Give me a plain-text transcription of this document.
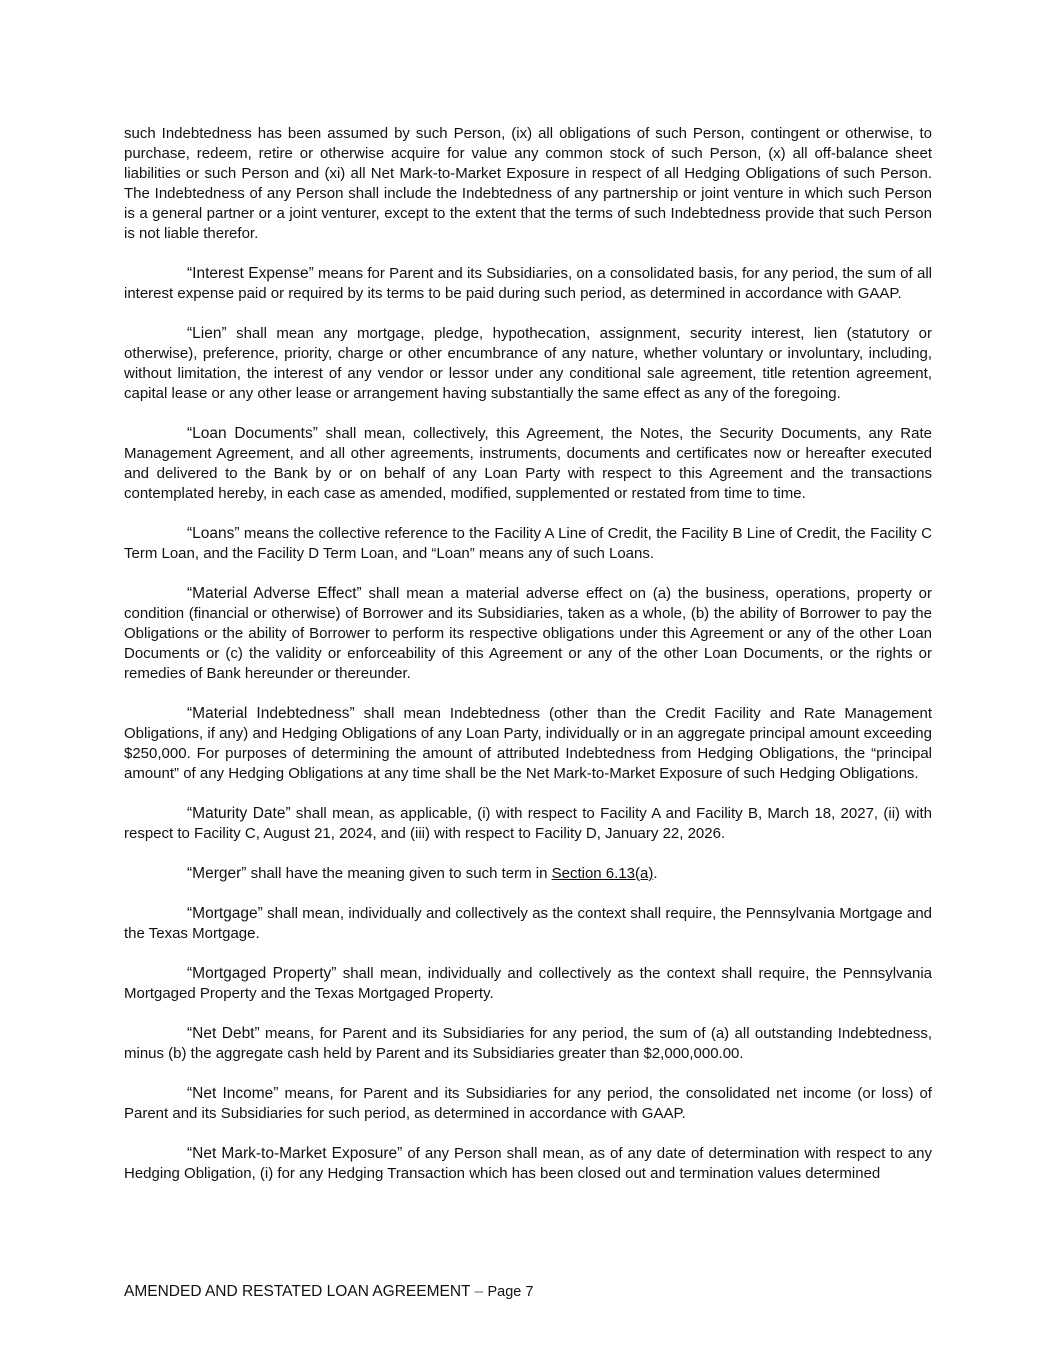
such Indebtedness has been assumed by such Person, (ix) all obligations of such Person, contingent or otherwise, to purchase, redeem, retire or otherwise acquire for value any common stock of such Person, (x) all off-balance sheet liabilities or such Person and (xi) all Net Mark-to-Market Exposure in respect of all Hedging Obligations of such Person. The Indebtedness of any Person shall include the Indebtedness of any partnership or joint venture in which such Person is a general partner or a joint venturer, except to the extent that the terms of such Indebtedness provide that such Person is not liable therefor.

“Interest Expense” means for Parent and its Subsidiaries, on a consolidated basis, for any period, the sum of all interest expense paid or required by its terms to be paid during such period, as determined in accordance with GAAP.

“Lien” shall mean any mortgage, pledge, hypothecation, assignment, security interest, lien (statutory or otherwise), preference, priority, charge or other encumbrance of any nature, whether voluntary or involuntary, including, without limitation, the interest of any vendor or lessor under any conditional sale agreement, title retention agreement, capital lease or any other lease or arrangement having substantially the same effect as any of the foregoing.

“Loan Documents” shall mean, collectively, this Agreement, the Notes, the Security Documents, any Rate Management Agreement, and all other agreements, instruments, documents and certificates now or hereafter executed and delivered to the Bank by or on behalf of any Loan Party with respect to this Agreement and the transactions contemplated hereby, in each case as amended, modified, supplemented or restated from time to time.

“Loans” means the collective reference to the Facility A Line of Credit, the Facility B Line of Credit, the Facility C Term Loan, and the Facility D Term Loan, and “Loan” means any of such Loans.

“Material Adverse Effect” shall mean a material adverse effect on (a) the business, operations, property or condition (financial or otherwise) of Borrower and its Subsidiaries, taken as a whole, (b) the ability of Borrower to pay the Obligations or the ability of Borrower to perform its respective obligations under this Agreement or any of the other Loan Documents or (c) the validity or enforceability of this Agreement or any of the other Loan Documents, or the rights or remedies of Bank hereunder or thereunder.

“Material Indebtedness” shall mean Indebtedness (other than the Credit Facility and Rate Management Obligations, if any) and Hedging Obligations of any Loan Party, individually or in an aggregate principal amount exceeding $250,000. For purposes of determining the amount of attributed Indebtedness from Hedging Obligations, the “principal amount” of any Hedging Obligations at any time shall be the Net Mark-to-Market Exposure of such Hedging Obligations.

“Maturity Date” shall mean, as applicable, (i) with respect to Facility A and Facility B, March 18, 2027, (ii) with respect to Facility C, August 21, 2024, and (iii) with respect to Facility D, January 22, 2026.

“Merger” shall have the meaning given to such term in Section 6.13(a).

“Mortgage” shall mean, individually and collectively as the context shall require, the Pennsylvania Mortgage and the Texas Mortgage.

“Mortgaged Property” shall mean, individually and collectively as the context shall require, the Pennsylvania Mortgaged Property and the Texas Mortgaged Property.

“Net Debt” means, for Parent and its Subsidiaries for any period, the sum of (a) all outstanding Indebtedness, minus (b) the aggregate cash held by Parent and its Subsidiaries greater than $2,000,000.00.

“Net Income” means, for Parent and its Subsidiaries for any period, the consolidated net income (or loss) of Parent and its Subsidiaries for such period, as determined in accordance with GAAP.

“Net Mark-to-Market Exposure” of any Person shall mean, as of any date of determination with respect to any Hedging Obligation, (i) for any Hedging Transaction which has been closed out and termination values determined

AMENDED AND RESTATED LOAN AGREEMENT – Page 7
